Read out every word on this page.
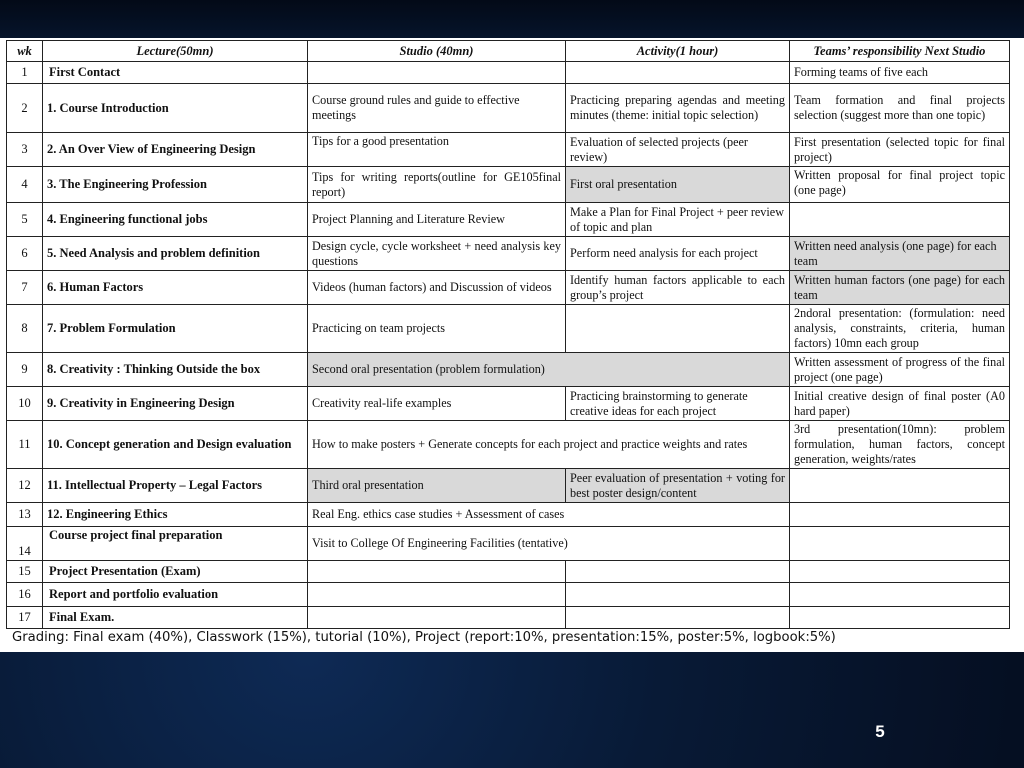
wk	Lecture(50mn)	Studio (40mn)	Activity(1 hour)	Teams’ responsibility Next Studio
1	First Contact			Forming teams of five each
2	1. Course Introduction	Course ground rules and guide to effective meetings	Practicing preparing agendas and meeting minutes (theme: initial topic selection)	Team formation and final projects selection (suggest more than one topic)
3	2. An Over View of Engineering Design	Tips for a good presentation	Evaluation of selected projects (peer review)	First presentation (selected topic for final project)
4	3. The Engineering Profession	Tips for writing reports(outline for GE105final report)	First oral presentation	Written proposal for final project topic (one page)
5	4. Engineering functional jobs	Project Planning and Literature Review	Make a Plan for Final Project + peer review of topic and plan	
6	5. Need Analysis and problem definition	Design cycle, cycle worksheet + need analysis key questions	Perform need analysis for each project	Written need analysis (one page) for each team
7	6. Human Factors	Videos (human factors) and Discussion of videos	Identify human factors applicable to each group’s project	Written human factors (one page) for each team
8	7. Problem Formulation	Practicing on team projects		2ndoral presentation: (formulation: need analysis, constraints, criteria, human factors) 10mn each group
9	8. Creativity : Thinking Outside the box	Second oral presentation (problem formulation)		Written assessment of progress of the final project (one page)
10	9. Creativity in Engineering Design	Creativity real-life examples	Practicing brainstorming to generate creative ideas for each project	Initial creative design of final poster (A0 hard paper)
11	10. Concept generation and Design evaluation	How to make posters + Generate concepts for each project and practice weights and rates		3rd presentation(10mn): problem formulation, human factors, concept generation, weights/rates
12	11. Intellectual Property – Legal Factors	Third oral presentation	Peer evaluation of presentation + voting for best poster design/content	
13	12. Engineering Ethics	Real Eng. ethics case studies + Assessment of cases		
14	Course project final preparation	Visit to College Of Engineering Facilities (tentative)		
15	Project Presentation (Exam)			
16	Report and portfolio evaluation			
17	Final Exam.			
Grading: Final exam (40%), Classwork (15%), tutorial (10%), Project (report:10%, presentation:15%, poster:5%, logbook:5%)
5
